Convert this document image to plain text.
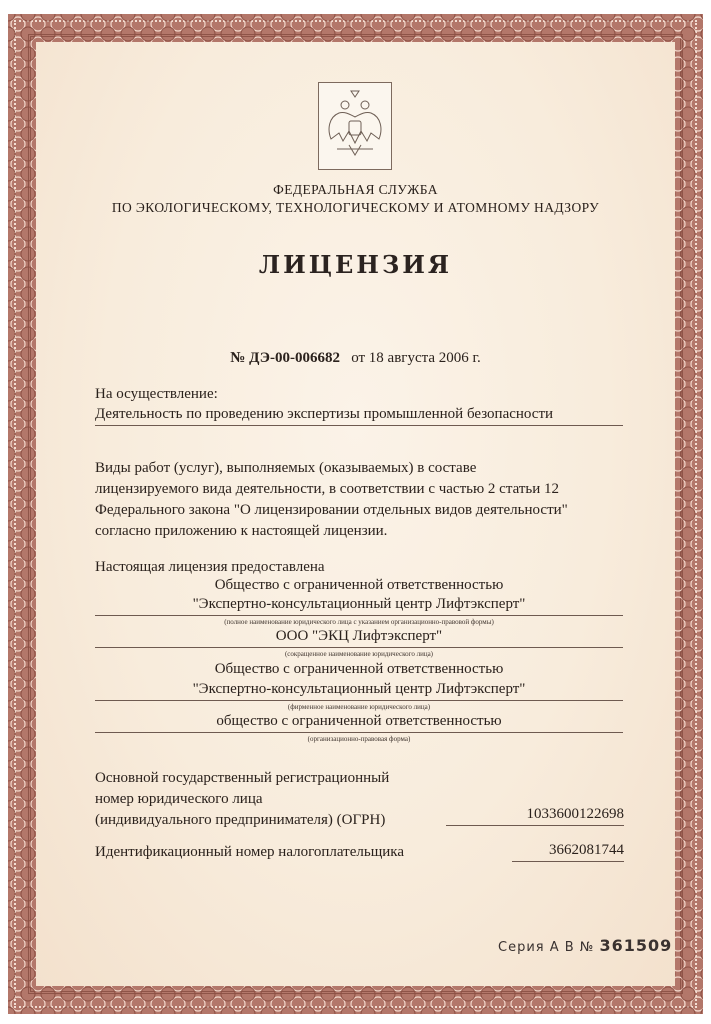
ФЕДЕРАЛЬНАЯ СЛУЖБА
ПО ЭКОЛОГИЧЕСКОМУ, ТЕХНОЛОГИЧЕСКОМУ И АТОМНОМУ НАДЗОРУ
ЛИЦЕНЗИЯ
№ ДЭ-00-006682 от 18 августа 2006 г.
На осуществление:
Деятельность по проведению экспертизы промышленной безопасности
Виды работ (услуг), выполняемых (оказываемых) в составе
лицензируемого вида деятельности, в соответствии с частью 2 статьи 12
Федерального закона "О лицензировании отдельных видов деятельности"
согласно приложению к настоящей лицензии.
Настоящая лицензия предоставлена
Общество с ограниченной ответственностью
"Экспертно-консультационный центр Лифтэксперт"
(полное наименование юридического лица с указанием организационно-правовой формы)
ООО "ЭКЦ Лифтэксперт"
(сокращенное наименование юридического лица)
Общество с ограниченной ответственностью
"Экспертно-консультационный центр Лифтэксперт"
(фирменное наименование юридического лица)
общество с ограниченной ответственностью
(организационно-правовая форма)
Основной государственный регистрационный
номер юридического лица
(индивидуального предпринимателя) (ОГРН)	1033600122698
Идентификационный номер налогоплательщика	3662081744
Серия А В № 361509
